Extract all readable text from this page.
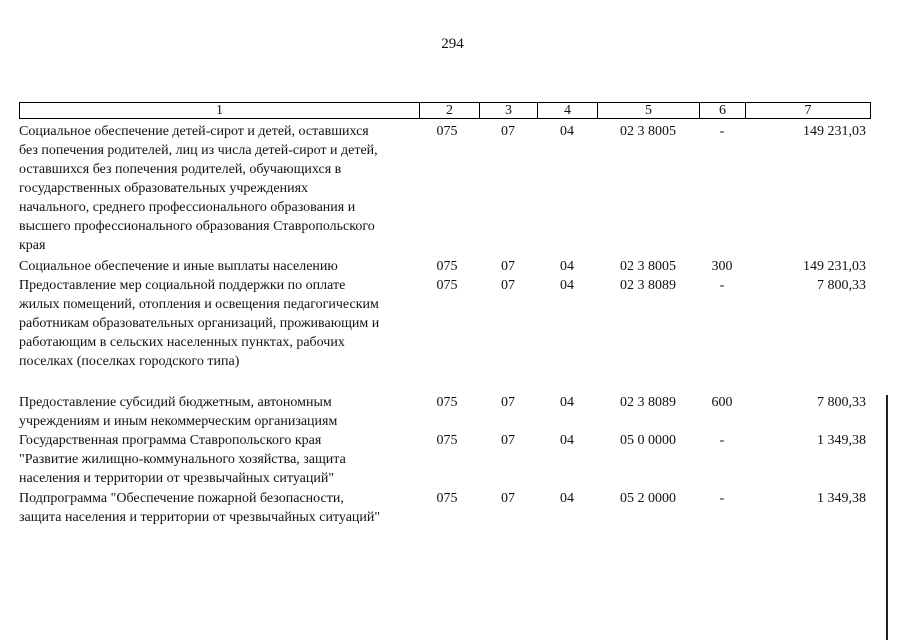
294
1	2	3	4	5	6	7
Социальное обеспечение детей-сирот и детей, оставшихся
без попечения родителей, лиц из числа детей-сирот и детей,
оставшихся без попечения родителей, обучающихся в
государственных образовательных учреждениях
начального, среднего профессионального образования и
высшего профессионального образования Ставропольского
края
075	07	04	02 3 8005	-	149 231,03
Социальное обеспечение и иные выплаты населению	075	07	04	02 3 8005	300	149 231,03
Предоставление мер социальной поддержки по оплате
жилых помещений, отопления и освещения педагогическим
работникам образовательных организаций, проживающим и
работающим в сельских населенных пунктах, рабочих
поселках (поселках городского типа)
075	07	04	02 3 8089	-	7 800,33
Предоставление субсидий бюджетным, автономным
учреждениям и иным некоммерческим организациям
075	07	04	02 3 8089	600	7 800,33
Государственная программа Ставропольского края
"Развитие жилищно-коммунального хозяйства, защита
населения и территории от чрезвычайных ситуаций"
075	07	04	05 0 0000	-	1 349,38
Подпрограмма "Обеспечение пожарной безопасности,
защита населения и территории от чрезвычайных ситуаций"
075	07	04	05 2 0000	-	1 349,38
